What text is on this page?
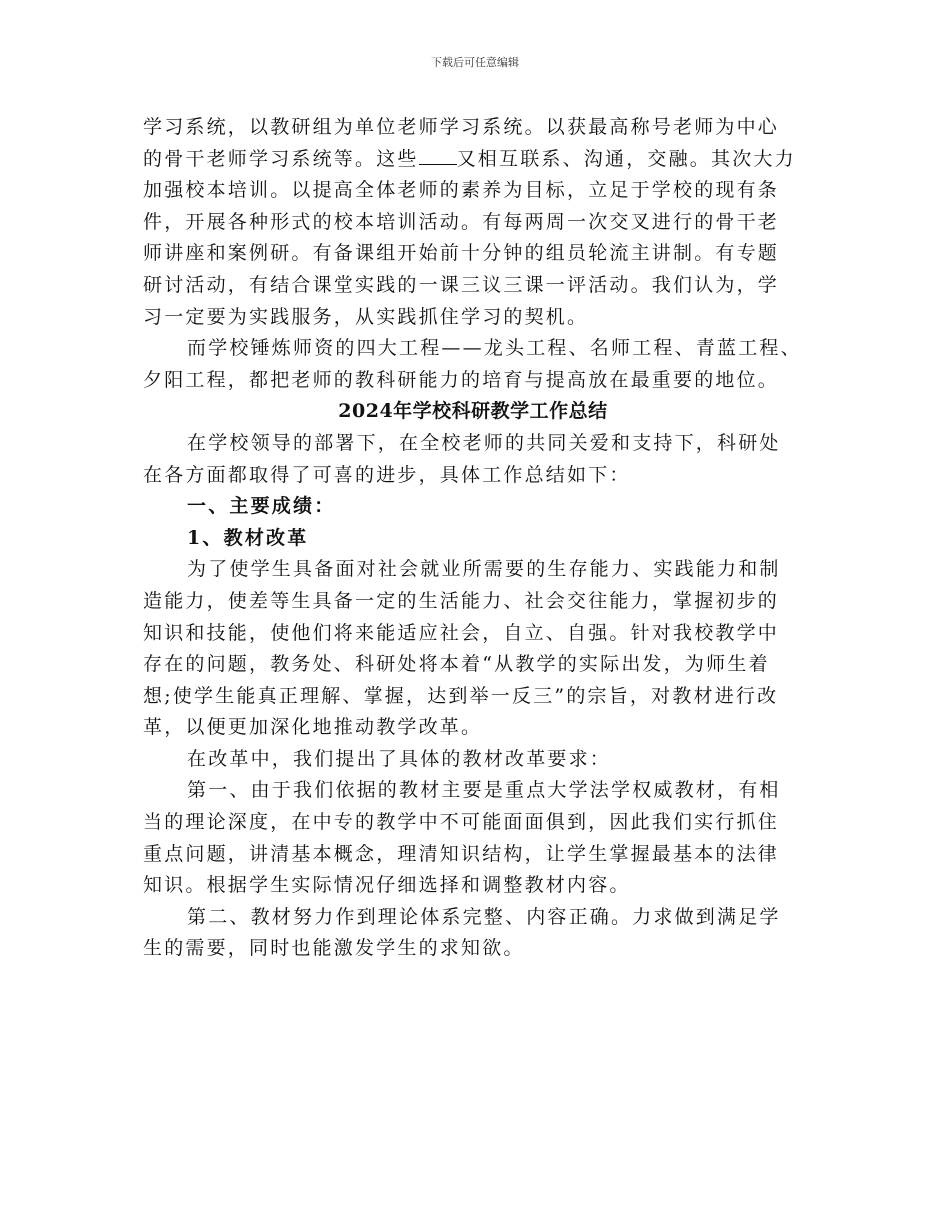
下载后可任意编辑
学习系统，以教研组为单位老师学习系统。以获最高称号老师为中心
的骨干老师学习系统等。这些 又相互联系、沟通，交融。其次大力
加强校本培训。以提高全体老师的素养为目标，立足于学校的现有条
件，开展各种形式的校本培训活动。有每两周一次交叉进行的骨干老
师讲座和案例研。有备课组开始前十分钟的组员轮流主讲制。有专题
研讨活动，有结合课堂实践的一课三议三课一评活动。我们认为，学
习一定要为实践服务，从实践抓住学习的契机。
而学校锤炼师资的四大工程——龙头工程、名师工程、青蓝工程、
夕阳工程，都把老师的教科研能力的培育与提高放在最重要的地位。
2024年学校科研教学工作总结
在学校领导的部署下，在全校老师的共同关爱和支持下，科研处
在各方面都取得了可喜的进步，具体工作总结如下：
一、主要成绩：
1、教材改革
为了使学生具备面对社会就业所需要的生存能力、实践能力和制
造能力，使差等生具备一定的生活能力、社会交往能力，掌握初步的
知识和技能，使他们将来能适应社会，自立、自强。针对我校教学中
存在的问题，教务处、科研处将本着“从教学的实际出发，为师生着
想;使学生能真正理解、掌握，达到举一反三”的宗旨，对教材进行改
革，以便更加深化地推动教学改革。
在改革中，我们提出了具体的教材改革要求：
第一、由于我们依据的教材主要是重点大学法学权威教材，有相
当的理论深度，在中专的教学中不可能面面俱到，因此我们实行抓住
重点问题，讲清基本概念，理清知识结构，让学生掌握最基本的法律
知识。根据学生实际情况仔细选择和调整教材内容。
第二、教材努力作到理论体系完整、内容正确。力求做到满足学
生的需要，同时也能激发学生的求知欲。
